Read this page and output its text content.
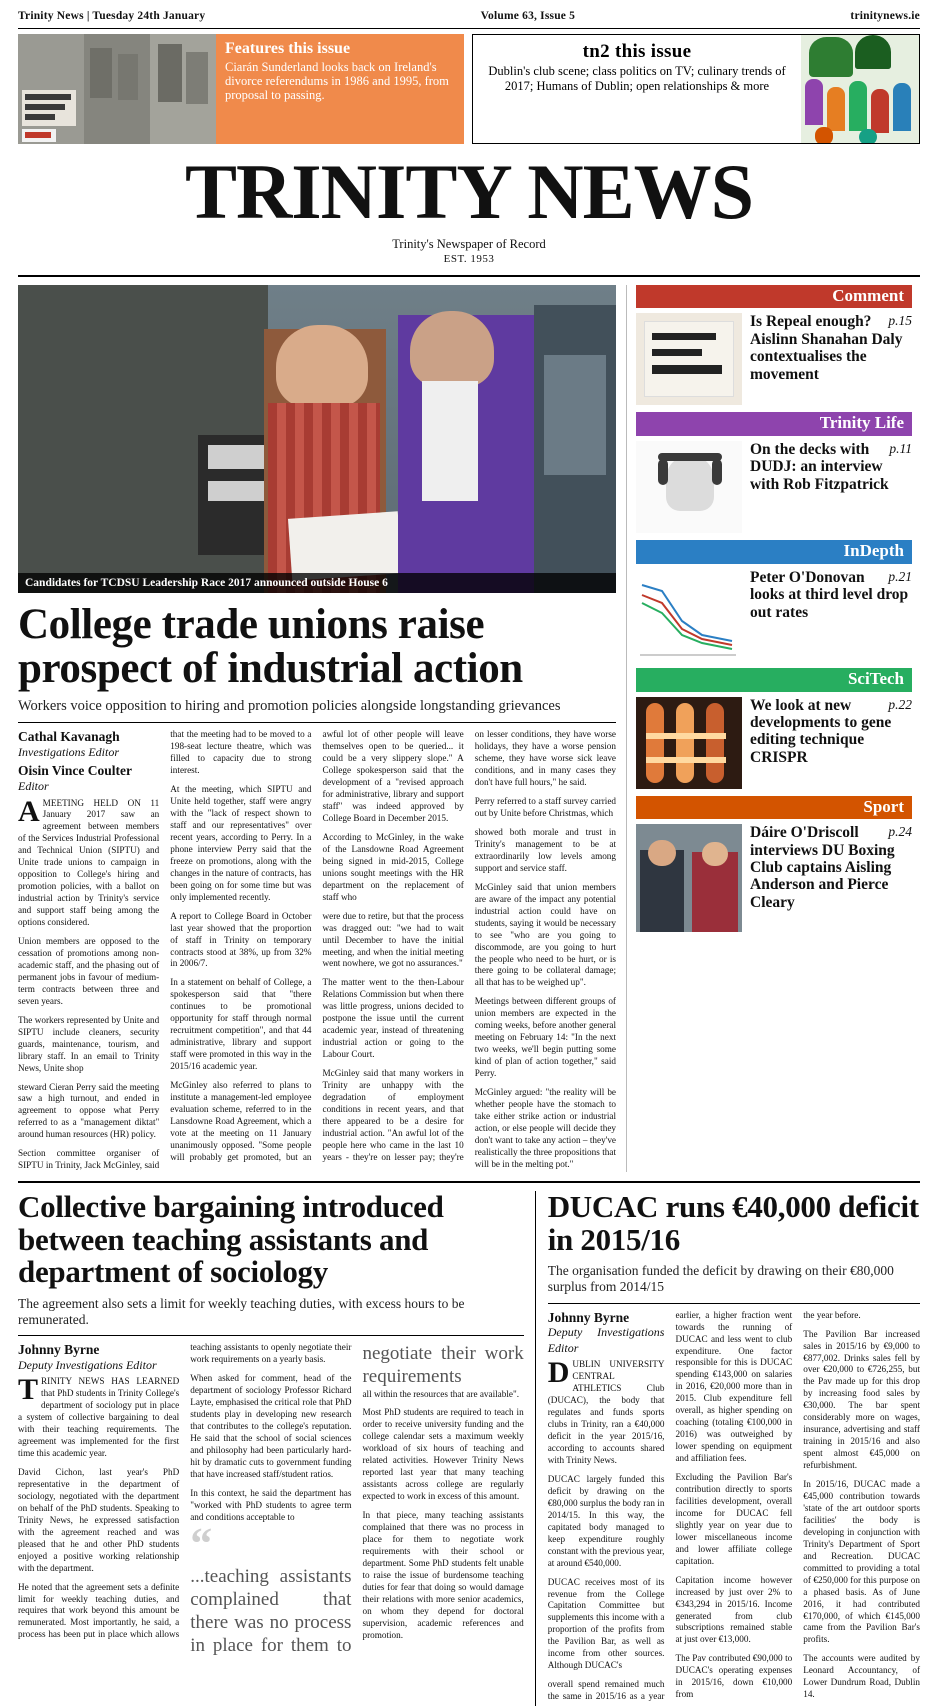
Trinity News | Tuesday 24th January	Volume 63, Issue 5	trinitynews.ie
Features this issue
Ciarán Sunderland looks back on Ireland's divorce referendums in 1986 and 1995, from proposal to passing.
tn2 this issue
Dublin's club scene; class politics on TV; culinary trends of 2017; Humans of Dublin; open relationships & more
TRINITY NEWS
Trinity's Newspaper of Record
EST. 1953
Candidates for TCDSU Leadership Race 2017 announced outside House 6
College trade unions raise prospect of industrial action
Workers voice opposition to hiring and promotion policies alongside longstanding grievances
Cathal Kavanagh
Investigations Editor
Oisin Vince Coulter
Editor

AMEETING HELD ON 11 January 2017 saw an agreement between members of the Services Industrial Professional and Technical Union (SIPTU) and Unite trade unions to campaign in opposition to College's hiring and promotion policies, with a ballot on industrial action by Trinity's service and support staff being among the options considered.

Union members are opposed to the cessation of promotions among non-academic staff, and the phasing out of permanent jobs in favour of medium-term contracts between three and seven years.

The workers represented by Unite and SIPTU include cleaners, security guards, maintenance, tourism, and library staff. In an email to Trinity News, Unite shop

steward Cieran Perry said the meeting saw a high turnout, and ended in agreement to oppose what Perry referred to as a "management diktat" around human resources (HR) policy.

Section committee organiser of SIPTU in Trinity, Jack McGinley, said that the meeting had to be moved to a 198-seat lecture theatre, which was filled to capacity due to strong interest.

At the meeting, which SIPTU and Unite held together, staff were angry with the "lack of respect shown to staff and our representatives" over recent years, according to Perry. In a phone interview Perry said that the freeze on promotions, along with the changes in the nature of contracts, has been going on for some time but was only implemented recently.

A report to College Board in October last year showed that the proportion of staff in Trinity on temporary contracts stood at 38%, up from 32% in 2006/7.

In a statement on behalf of College, a spokesperson said that "there continues to be promotional opportunity for staff through normal recruitment competition", and that 44 administrative, library and support staff were promoted in this way in the 2015/16 academic year.

McGinley also referred to plans to institute a management-led employee evaluation scheme, referred to in the Lansdowne Road Agreement, which a vote at the meeting on 11 January unanimously opposed. "Some people will probably get promoted, but an awful lot of other people will leave themselves open to be queried... it could be a very slippery slope." A College spokesperson said that the development of a "revised approach for administrative, library and support staff" was indeed approved by College Board in December 2015.

According to McGinley, in the wake of the Lansdowne Road Agreement being signed in mid-2015, College unions sought meetings with the HR department on the replacement of staff who

were due to retire, but that the process was dragged out: "we had to wait until December to have the initial meeting, and when the initial meeting went nowhere, we got no assurances."

The matter went to the then-Labour Relations Commission but when there was little progress, unions decided to postpone the issue until the current academic year, instead of threatening industrial action or going to the Labour Court.

McGinley said that many workers in Trinity are unhappy with the degradation of employment conditions in recent years, and that there appeared to be a desire for industrial action. "An awful lot of the people here who came in the last 10 years - they're on lesser pay; they're on lesser conditions, they have worse holidays, they have a worse pension scheme, they have worse sick leave conditions, and in many cases they don't have full hours," he said.

Perry referred to a staff survey carried out by Unite before Christmas, which

showed both morale and trust in Trinity's management to be at extraordinarily low levels among support and service staff.

McGinley said that union members are aware of the impact any potential industrial action could have on students, saying it would be necessary to see "who are you going to discommode, are you going to hurt the people who need to be hurt, or is there going to be collateral damage; all that has to be weighed up".

Meetings between different groups of union members are expected in the coming weeks, before another general meeting on February 14: "In the next two weeks, we'll begin putting some kind of plan of action together," said Perry.

McGinley argued: "the reality will be whether people have the stomach to take either strike action or industrial action, or else people will decide they don't want to take any action – they've realistically the three propositions that will be in the melting pot."

Comment
p.15
Is Repeal enough? Aislinn Shanahan Daly contextualises the movement
Trinity Life
p.11
On the decks with DUDJ: an interview with Rob Fitzpatrick
InDepth
p.21
Peter O'Donovan looks at third level drop out rates
SciTech
p.22
We look at new developments to gene editing technique CRISPR
Sport
p.24
Dáire O'Driscoll interviews DU Boxing Club captains Aisling Anderson and Pierce Cleary
Collective bargaining introduced between teaching assistants and department of sociology
The agreement also sets a limit for weekly teaching duties, with excess hours to be remunerated.
Johnny Byrne
Deputy Investigations Editor

TRINITY NEWS HAS LEARNED that PhD students in Trinity College's department of sociology put in place a system of collective bargaining to deal with their teaching requirements. The agreement was implemented for the first time this academic year.

David Cichon, last year's PhD representative in the department of sociology, negotiated with the department on behalf of the PhD students. Speaking to Trinity News, he expressed satisfaction with the agreement reached and was pleased that he and other PhD students enjoyed a positive working relationship with the department.

He noted that the agreement sets a definite limit for weekly teaching duties, and requires that work beyond this amount be remunerated. Most importantly, he said, a process has been put in place which allows teaching assistants to openly negotiate their work requirements on a yearly basis.

When asked for comment, head of the department of sociology Professor Richard Layte, emphasised the critical role that PhD students play in developing new research that contributes to the college's reputation. He said that the school of social sciences and philosophy had been particularly hard-hit by dramatic cuts to government funding that have increased staff/student ratios.

In this context, he said the department has "worked with PhD students to agree term and conditions acceptable to

“
...teaching assistants complained that there was no process in place for them to negotiate their work requirements

all within the resources that are available".

Most PhD students are required to teach in order to receive university funding and the college calendar sets a maximum weekly workload of six hours of teaching and related activities. However Trinity News reported last year that many teaching assistants across college are regularly expected to work in excess of this amount.

In that piece, many teaching assistants complained that there was no process in place for them to negotiate work requirements with their school or department. Some PhD students felt unable to raise the issue of burdensome teaching duties for fear that doing so would damage their relations with more senior academics, on whom they depend for doctoral supervision, academic references and promotion.

DUCAC runs €40,000 deficit in 2015/16
The organisation funded the deficit by drawing on their €80,000 surplus from 2014/15
Johnny Byrne
Deputy Investigations Editor

DUBLIN UNIVERSITY CENTRAL ATHLETICS Club (DUCAC), the body that regulates and funds sports clubs in Trinity, ran a €40,000 deficit in the year 2015/16, according to accounts shared with Trinity News.

DUCAC largely funded this deficit by drawing on the €80,000 surplus the body ran in 2014/15. In this way, the capitated body managed to keep expenditure roughly constant with the previous year, at around €540,000.

DUCAC receives most of its revenue from the College Capitation Committee but supplements this income with a proportion of the profits from the Pavilion Bar, as well as income from other sources. Although DUCAC's

overall spend remained much the same in 2015/16 as a year earlier, a higher fraction went towards the running of DUCAC and less went to club expenditure. One factor responsible for this is DUCAC spending €143,000 on salaries in 2016, €20,000 more than in 2015. Club expenditure fell overall, as higher spending on coaching (totaling €100,000 in 2016) was outweighed by lower spending on equipment and affiliation fees.

Excluding the Pavilion Bar's contribution directly to sports facilities development, overall income for DUCAC fell slightly year on year due to lower miscellaneous income and lower affiliate college capitation.

Capitation income however increased by just over 2% to €343,294 in 2015/16. Income generated from club subscriptions remained stable at just over €13,000.

The Pav contributed €90,000 to DUCAC's operating expenses in 2015/16, down €10,000 from

the year before.

The Pavilion Bar increased sales in 2015/16 by €9,000 to €877,002. Drinks sales fell by over €20,000 to €726,255, but the Pav made up for this drop by increasing food sales by €30,000. The bar spent considerably more on wages, insurance, advertising and staff training in 2015/16 and also spent almost €45,000 on refurbishment.

In 2015/16, DUCAC made a €45,000 contribution towards 'state of the art outdoor sports facilities' the body is developing in conjunction with Trinity's Department of Sport and Recreation. DUCAC committed to providing a total of €250,000 for this purpose on a phased basis. As of June 2016, it had contributed €170,000, of which €145,000 came from the Pavilion Bar's profits.

The accounts were audited by Leonard Accountancy, of Lower Dundrum Road, Dublin 14.
